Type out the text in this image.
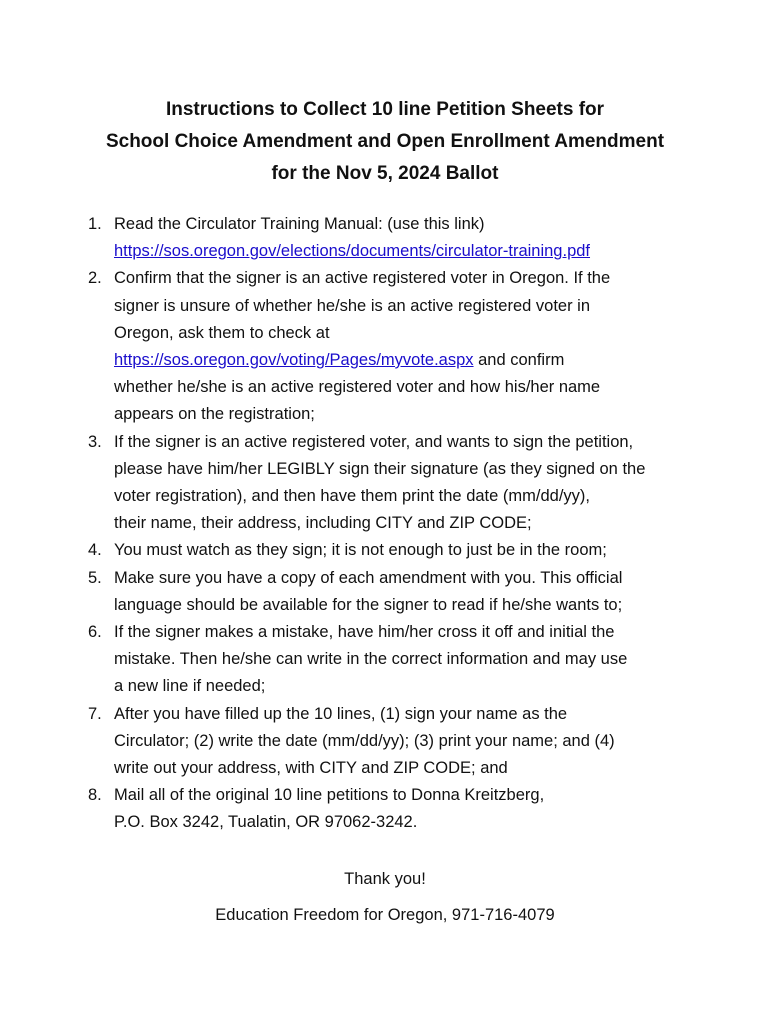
Instructions to Collect 10 line Petition Sheets for
School Choice Amendment and Open Enrollment Amendment
for the Nov 5, 2024 Ballot
1. Read the Circulator Training Manual: (use this link)
https://sos.oregon.gov/elections/documents/circulator-training.pdf
2. Confirm that the signer is an active registered voter in Oregon. If the
signer is unsure of whether he/she is an active registered voter in
Oregon, ask them to check at
https://sos.oregon.gov/voting/Pages/myvote.aspx and confirm
whether he/she is an active registered voter and how his/her name
appears on the registration;
3. If the signer is an active registered voter, and wants to sign the petition,
please have him/her LEGIBLY sign their signature (as they signed on the
voter registration), and then have them print the date (mm/dd/yy),
their name, their address, including CITY and ZIP CODE;
4. You must watch as they sign; it is not enough to just be in the room;
5. Make sure you have a copy of each amendment with you. This official
language should be available for the signer to read if he/she wants to;
6. If the signer makes a mistake, have him/her cross it off and initial the
mistake. Then he/she can write in the correct information and may use
a new line if needed;
7. After you have filled up the 10 lines, (1) sign your name as the
Circulator; (2) write the date (mm/dd/yy); (3) print your name; and (4)
write out your address, with CITY and ZIP CODE; and
8. Mail all of the original 10 line petitions to Donna Kreitzberg,
P.O. Box 3242, Tualatin, OR 97062-3242.
Thank you!
Education Freedom for Oregon, 971-716-4079
